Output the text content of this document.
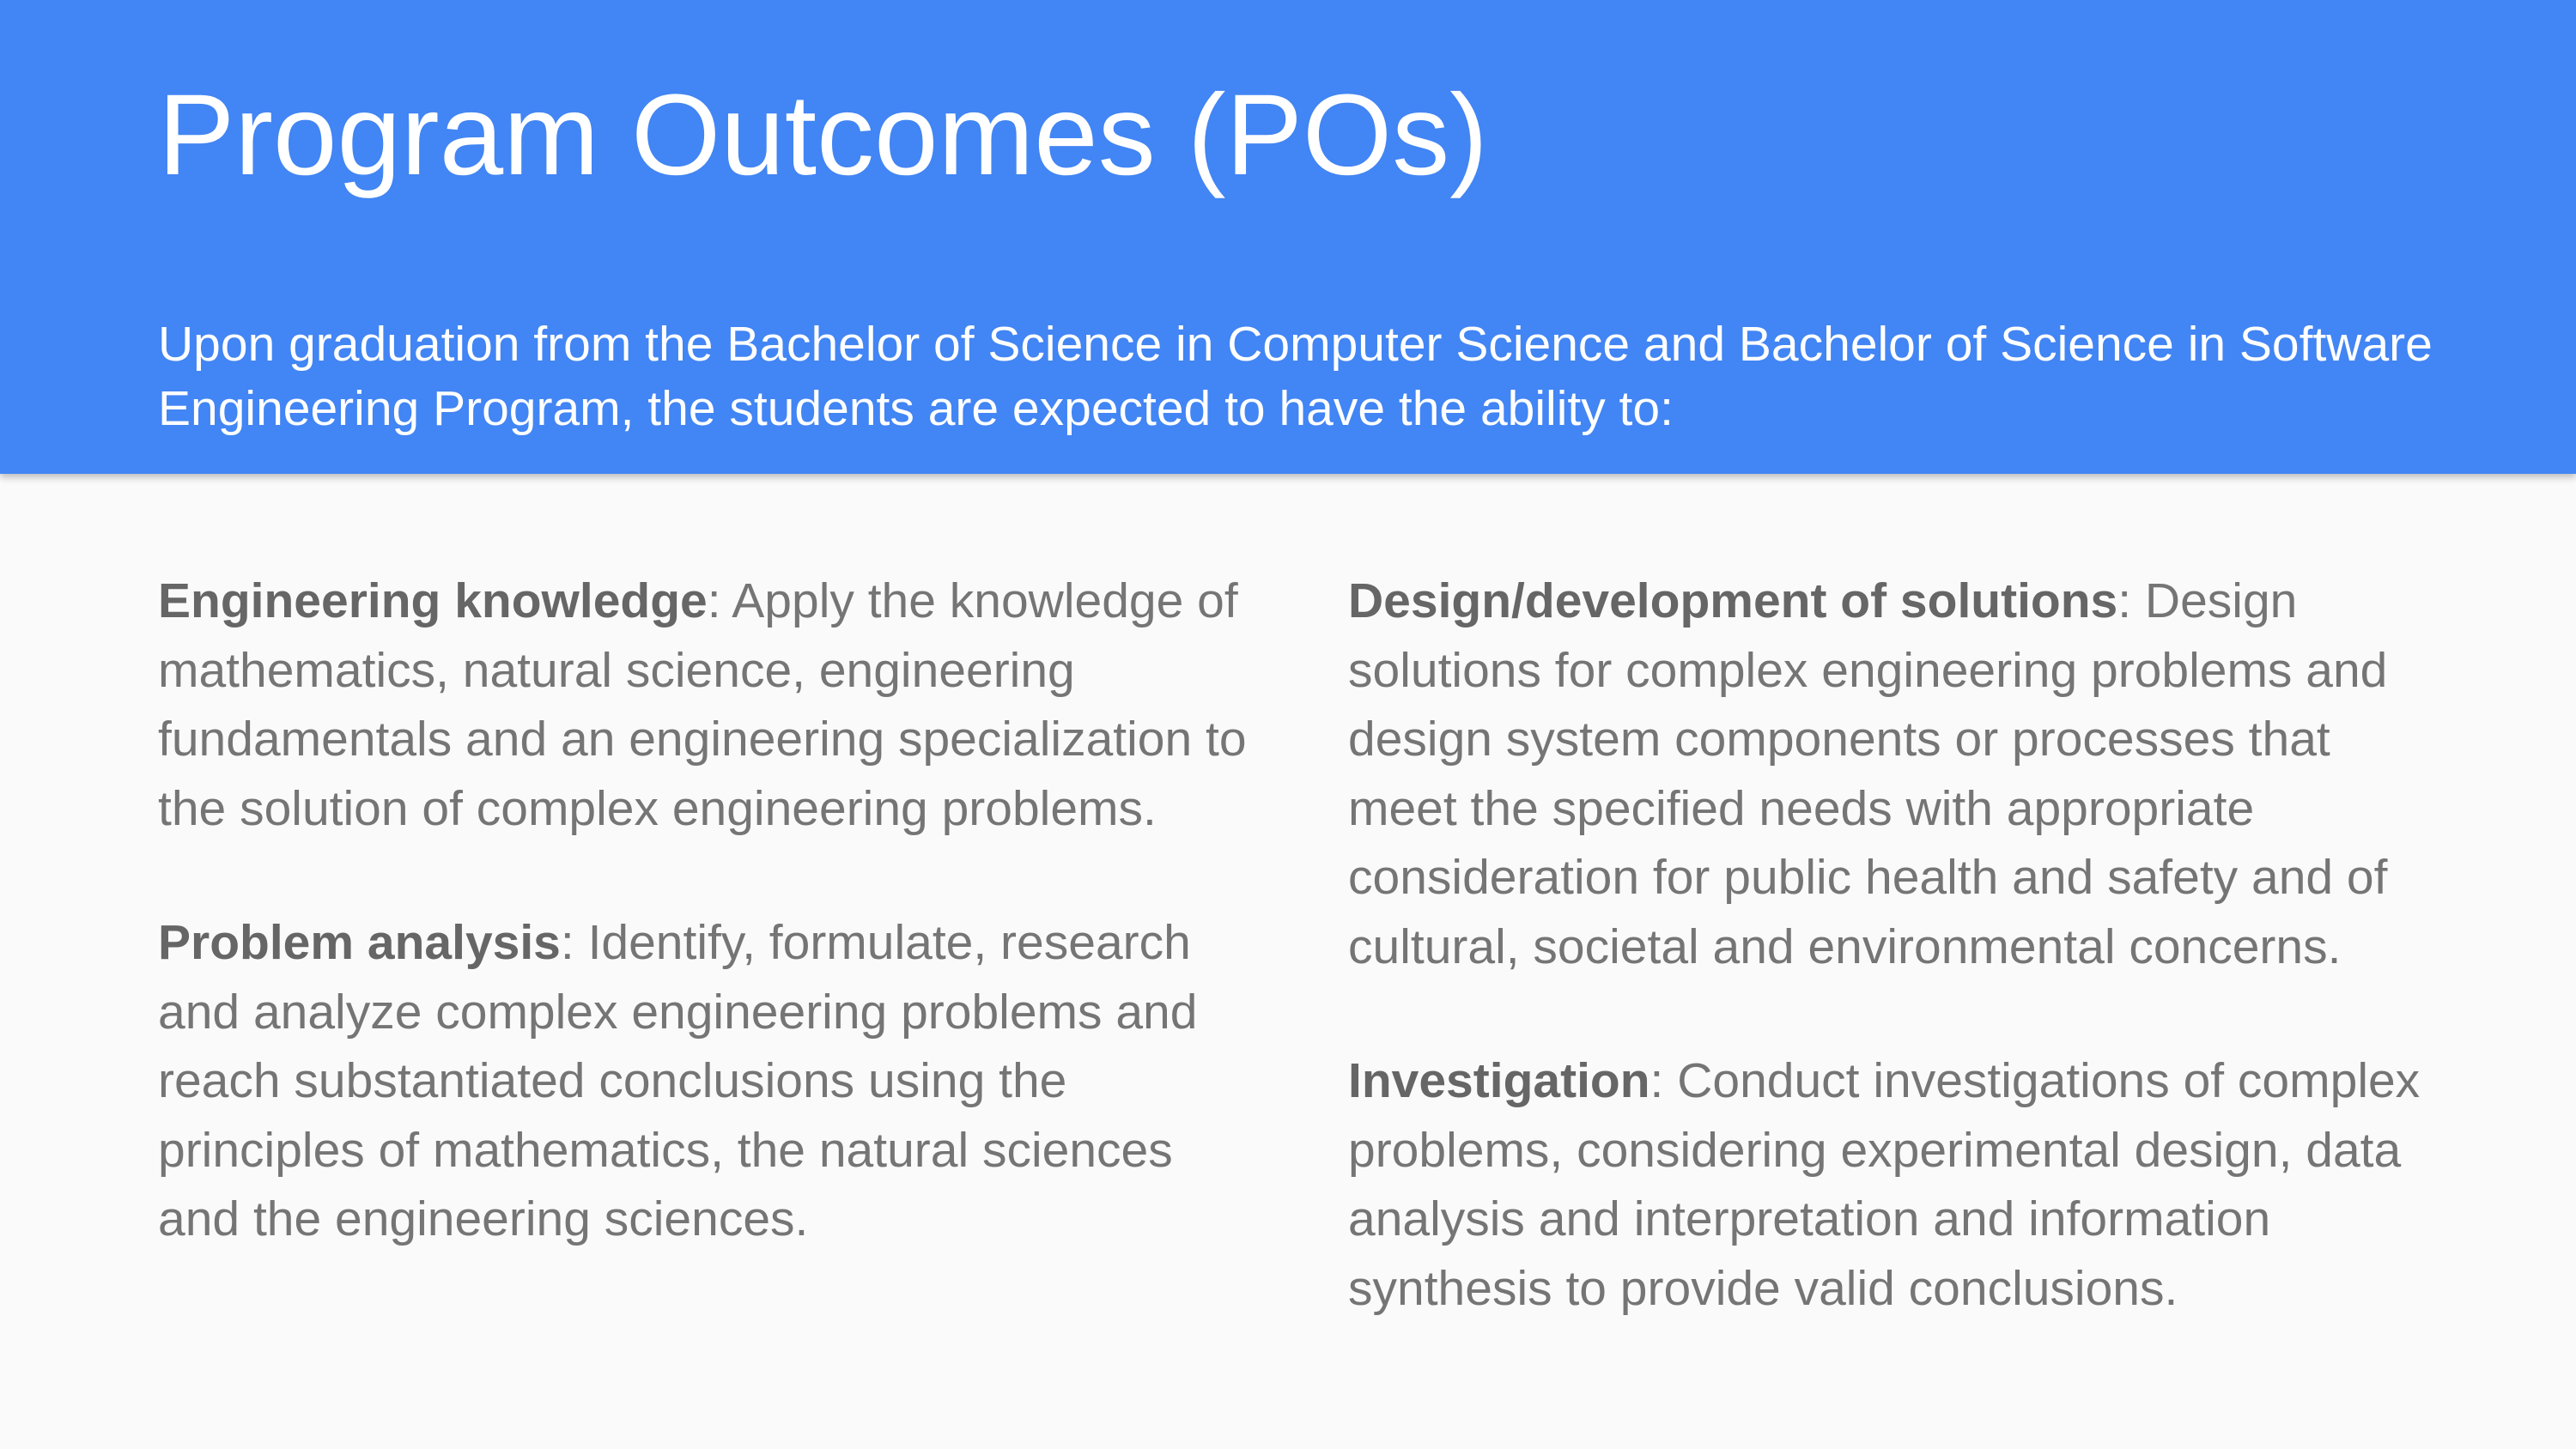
Program Outcomes (POs)

Upon graduation from the Bachelor of Science in Computer Science and Bachelor of Science in Software Engineering Program, the students are expected to have the ability to:

Engineering knowledge: Apply the knowledge of mathematics, natural science, engineering fundamentals and an engineering specialization to the solution of complex engineering problems.

Problem analysis: Identify, formulate, research and analyze complex engineering problems and reach substantiated conclusions using the principles of mathematics, the natural sciences and the engineering sciences.

Design/development of solutions: Design solutions for complex engineering problems and design system components or processes that meet the specified needs with appropriate consideration for public health and safety and of cultural, societal and environmental concerns.

Investigation: Conduct investigations of complex problems, considering experimental design, data analysis and interpretation and information synthesis to provide valid conclusions.
